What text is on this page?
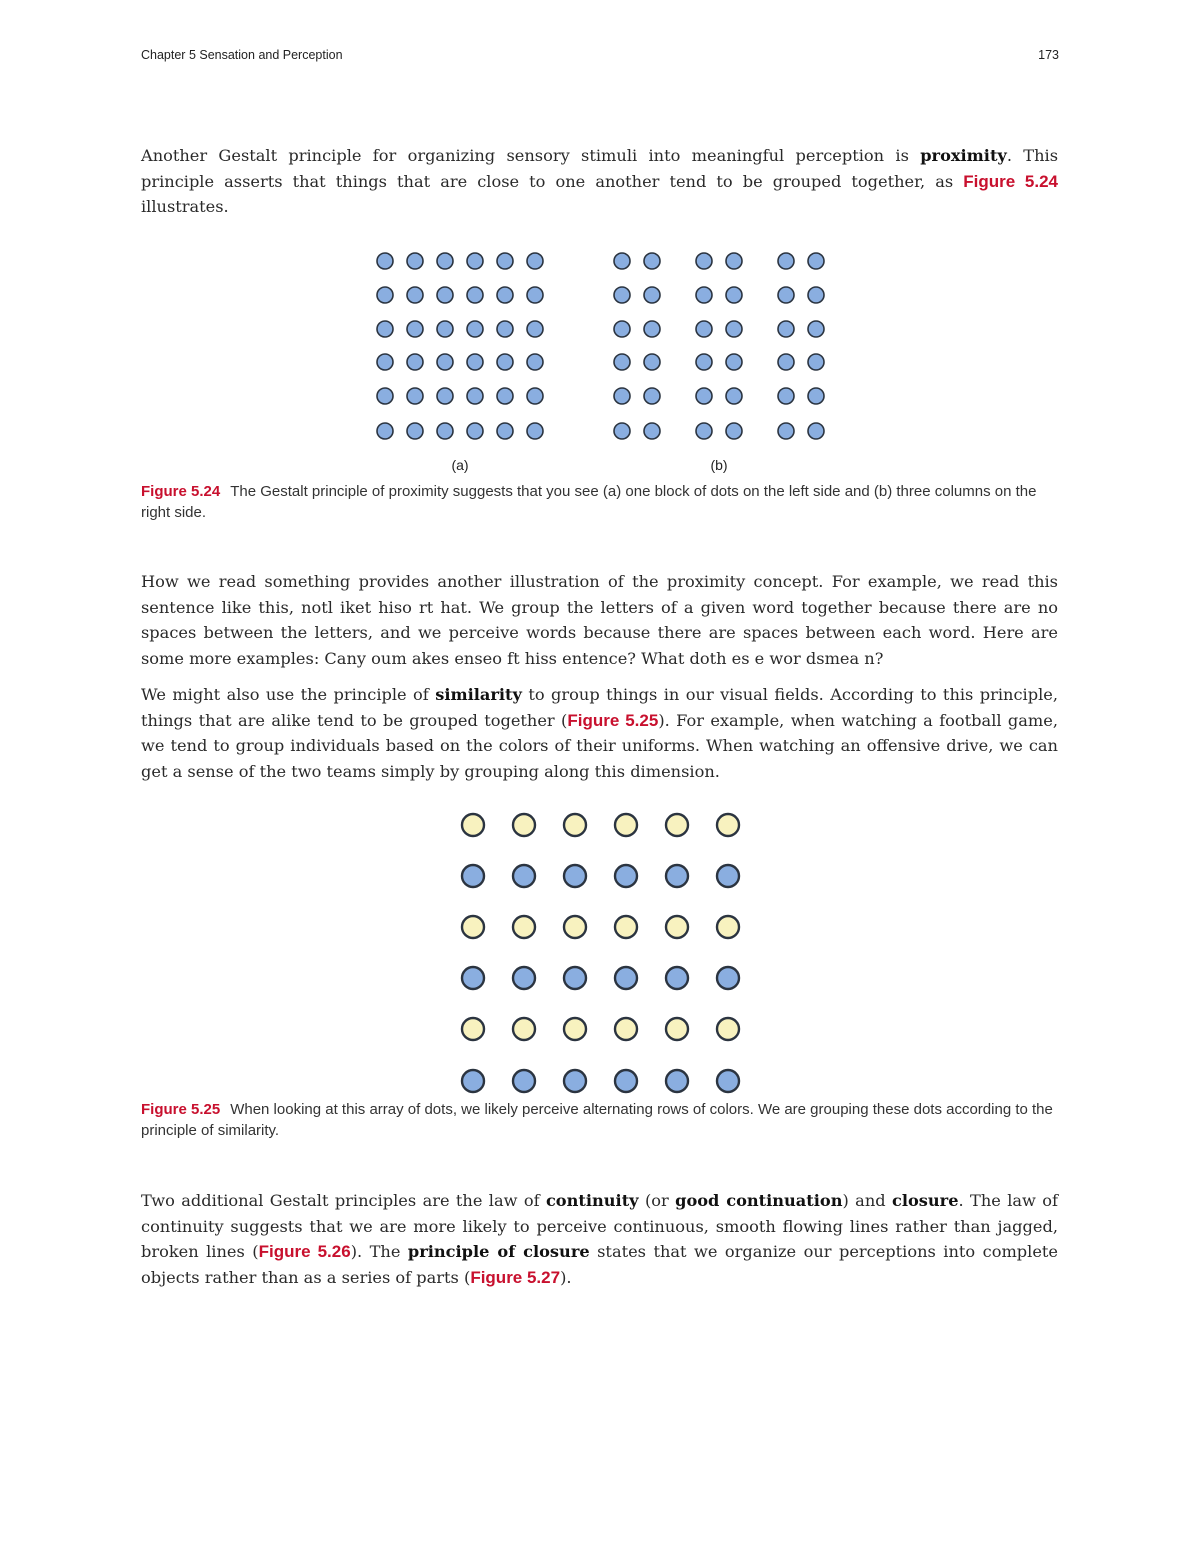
Chapter 5 Sensation and Perception	173

Another Gestalt principle for organizing sensory stimuli into meaningful perception is proximity. This principle asserts that things that are close to one another tend to be grouped together, as Figure 5.24 illustrates.

(a)	(b)

Figure 5.24 The Gestalt principle of proximity suggests that you see (a) one block of dots on the left side and (b) three columns on the right side.

How we read something provides another illustration of the proximity concept. For example, we read this sentence like this, notl iket hiso rt hat. We group the letters of a given word together because there are no spaces between the letters, and we perceive words because there are spaces between each word. Here are some more examples: Cany oum akes enseo ft hiss entence? What doth es e wor dsmea n?

We might also use the principle of similarity to group things in our visual fields. According to this principle, things that are alike tend to be grouped together (Figure 5.25). For example, when watching a football game, we tend to group individuals based on the colors of their uniforms. When watching an offensive drive, we can get a sense of the two teams simply by grouping along this dimension.

Figure 5.25 When looking at this array of dots, we likely perceive alternating rows of colors. We are grouping these dots according to the principle of similarity.

Two additional Gestalt principles are the law of continuity (or good continuation) and closure. The law of continuity suggests that we are more likely to perceive continuous, smooth flowing lines rather than jagged, broken lines (Figure 5.26). The principle of closure states that we organize our perceptions into complete objects rather than as a series of parts (Figure 5.27).
